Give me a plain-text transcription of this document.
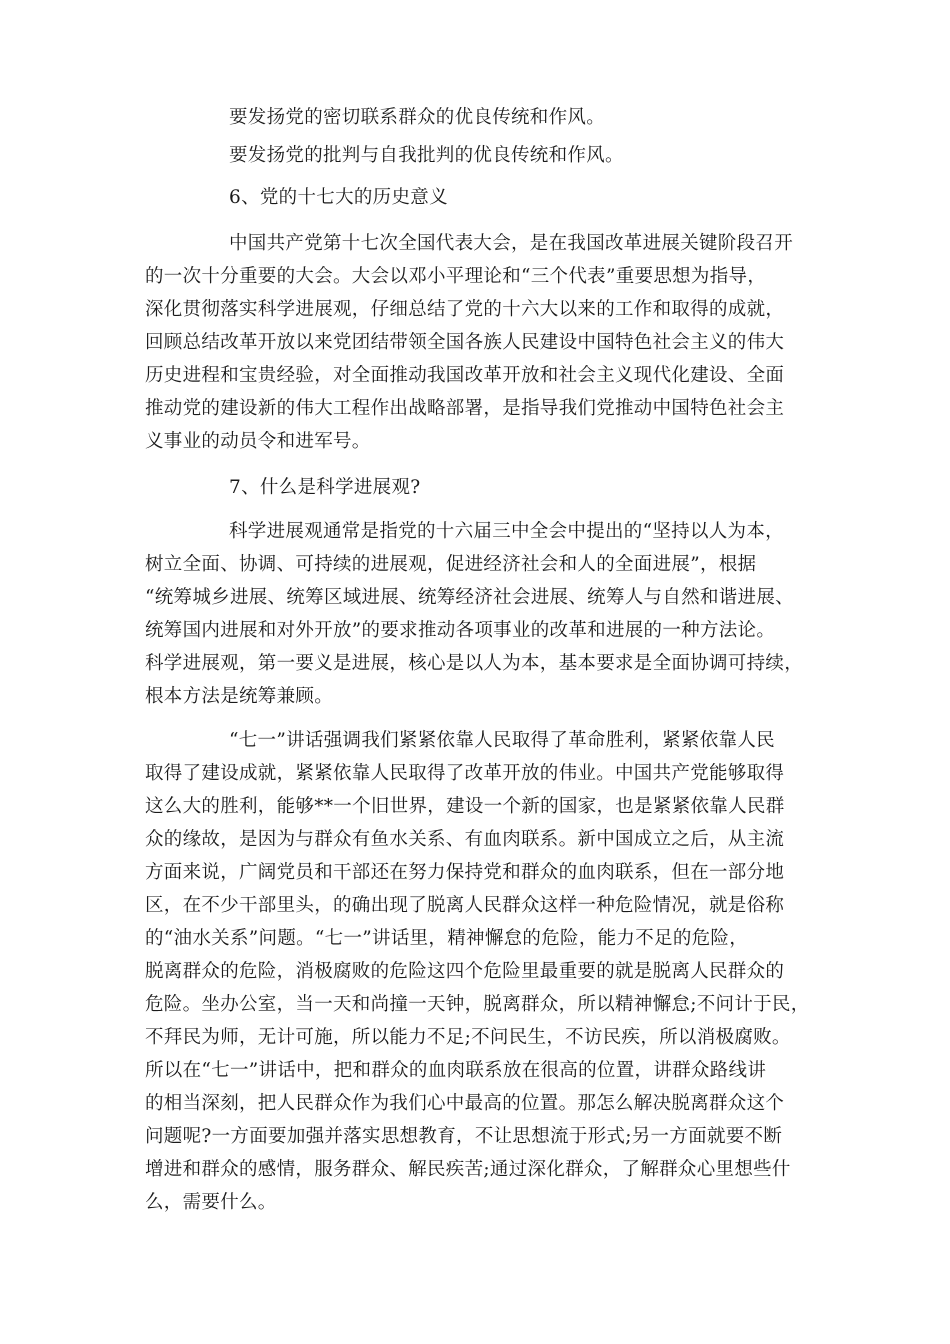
要发扬党的密切联系群众的优良传统和作风。
要发扬党的批判与自我批判的优良传统和作风。
6、党的十七大的历史意义
中国共产党第十七次全国代表大会，是在我国改革进展关键阶段召开
的一次十分重要的大会。大会以邓小平理论和“三个代表”重要思想为指导，
深化贯彻落实科学进展观，仔细总结了党的十六大以来的工作和取得的成就，
回顾总结改革开放以来党团结带领全国各族人民建设中国特色社会主义的伟大
历史进程和宝贵经验，对全面推动我国改革开放和社会主义现代化建设、全面
推动党的建设新的伟大工程作出战略部署，是指导我们党推动中国特色社会主
义事业的动员令和进军号。
7、什么是科学进展观?
科学进展观通常是指党的十六届三中全会中提出的“坚持以人为本，
树立全面、协调、可持续的进展观，促进经济社会和人的全面进展”，根据
“统筹城乡进展、统筹区域进展、统筹经济社会进展、统筹人与自然和谐进展、
统筹国内进展和对外开放”的要求推动各项事业的改革和进展的一种方法论。
科学进展观，第一要义是进展，核心是以人为本，基本要求是全面协调可持续，
根本方法是统筹兼顾。
“七一”讲话强调我们紧紧依靠人民取得了革命胜利，紧紧依靠人民
取得了建设成就，紧紧依靠人民取得了改革开放的伟业。中国共产党能够取得
这么大的胜利，能够**一个旧世界，建设一个新的国家，也是紧紧依靠人民群
众的缘故，是因为与群众有鱼水关系、有血肉联系。新中国成立之后，从主流
方面来说，广阔党员和干部还在努力保持党和群众的血肉联系，但在一部分地
区，在不少干部里头，的确出现了脱离人民群众这样一种危险情况，就是俗称
的“油水关系”问题。“七一”讲话里，精神懈怠的危险，能力不足的危险，
脱离群众的危险，消极腐败的危险这四个危险里最重要的就是脱离人民群众的
危险。坐办公室，当一天和尚撞一天钟，脱离群众，所以精神懈怠;不问计于民，
不拜民为师，无计可施，所以能力不足;不问民生，不访民疾，所以消极腐败。
所以在“七一”讲话中，把和群众的血肉联系放在很高的位置，讲群众路线讲
的相当深刻，把人民群众作为我们心中最高的位置。那怎么解决脱离群众这个
问题呢?一方面要加强并落实思想教育，不让思想流于形式;另一方面就要不断
增进和群众的感情，服务群众、解民疾苦;通过深化群众，了解群众心里想些什
么，需要什么。
